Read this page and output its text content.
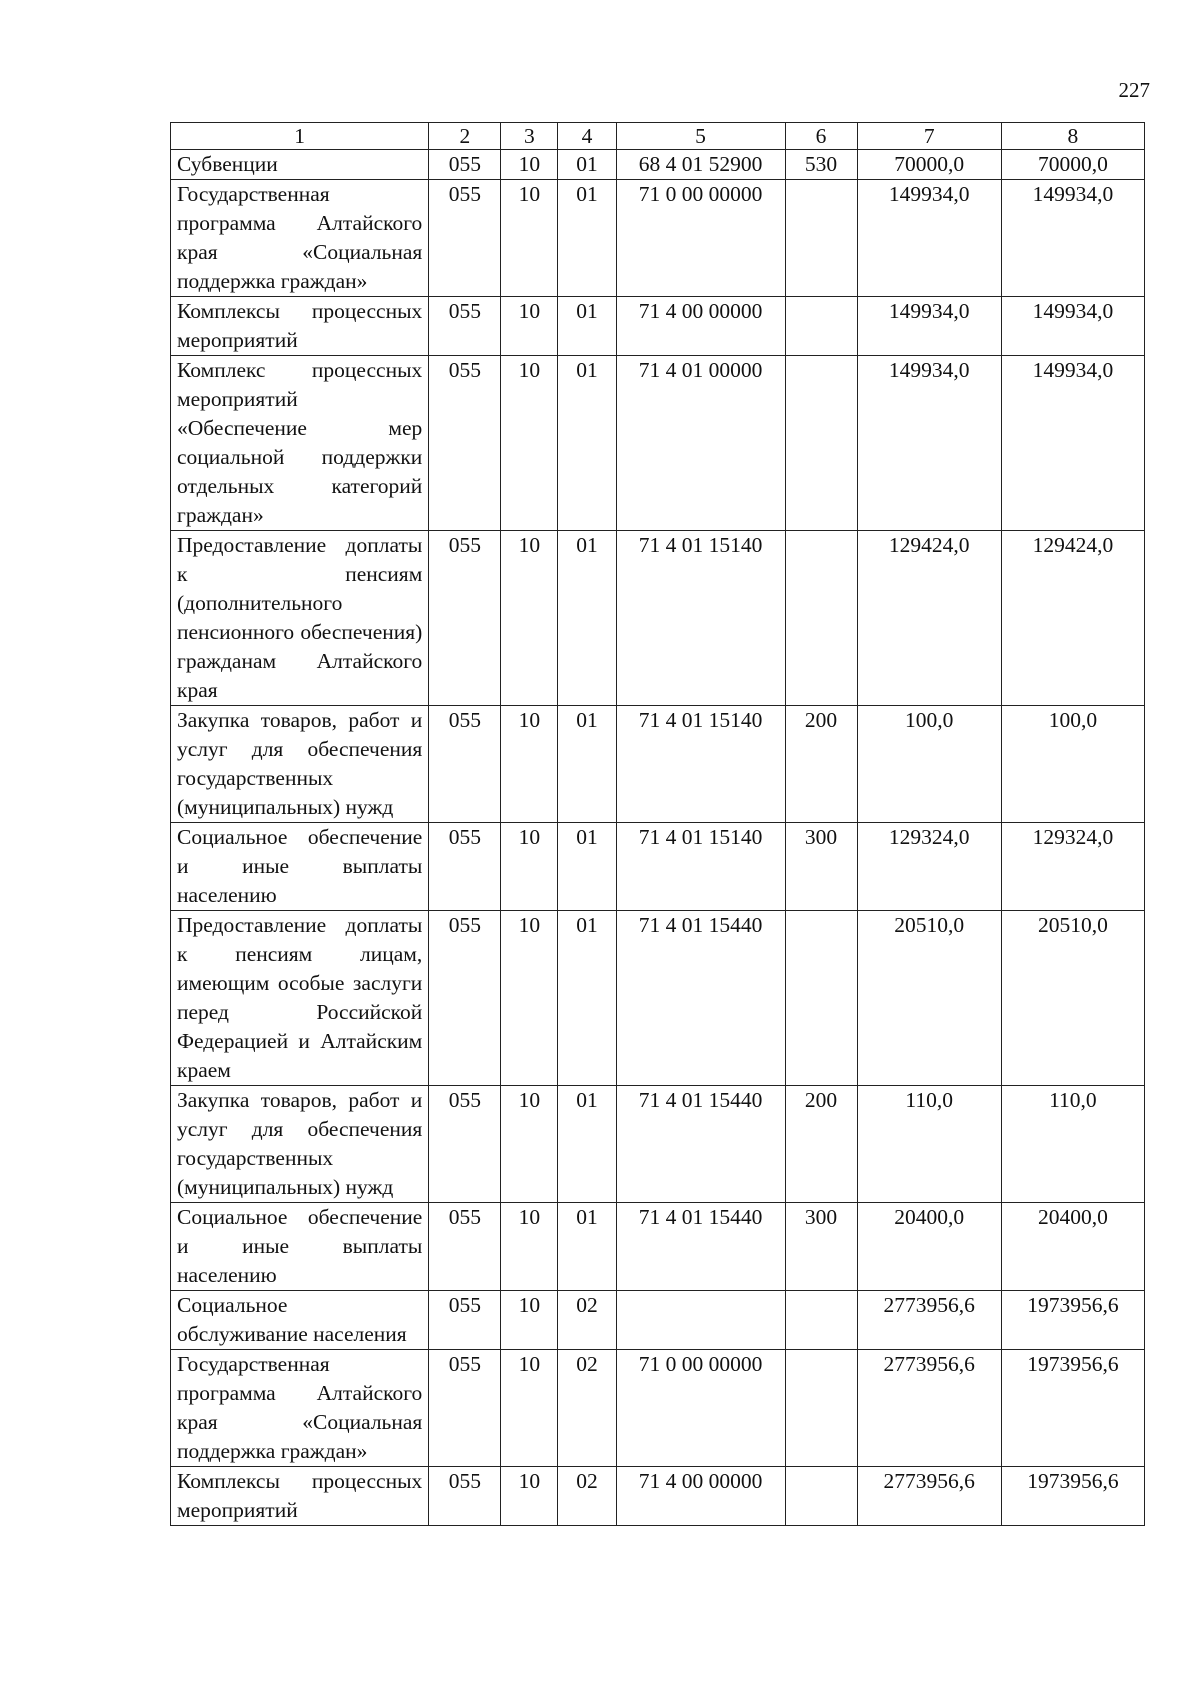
227
1	2	3	4	5	6	7	8
Субвенции	055	10	01	68 4 01 52900	530	70000,0	70000,0
Государственная программа Алтайского края «Социальная поддержка граждан»	055	10	01	71 0 00 00000		149934,0	149934,0
Комплексы процессных мероприятий	055	10	01	71 4 00 00000		149934,0	149934,0
Комплекс процессных мероприятий «Обеспечение мер социальной поддержки отдельных категорий граждан»	055	10	01	71 4 01 00000		149934,0	149934,0
Предоставление доплаты к пенсиям (дополнительного пенсионного обеспечения) гражданам Алтайского края	055	10	01	71 4 01 15140		129424,0	129424,0
Закупка товаров, работ и услуг для обеспечения государственных (муниципальных) нужд	055	10	01	71 4 01 15140	200	100,0	100,0
Социальное обеспечение и иные выплаты населению	055	10	01	71 4 01 15140	300	129324,0	129324,0
Предоставление доплаты к пенсиям лицам, имеющим особые заслуги перед Российской Федерацией и Алтайским краем	055	10	01	71 4 01 15440		20510,0	20510,0
Закупка товаров, работ и услуг для обеспечения государственных (муниципальных) нужд	055	10	01	71 4 01 15440	200	110,0	110,0
Социальное обеспечение и иные выплаты населению	055	10	01	71 4 01 15440	300	20400,0	20400,0
Социальное обслуживание населения	055	10	02			2773956,6	1973956,6
Государственная программа Алтайского края «Социальная поддержка граждан»	055	10	02	71 0 00 00000		2773956,6	1973956,6
Комплексы процессных мероприятий	055	10	02	71 4 00 00000		2773956,6	1973956,6
